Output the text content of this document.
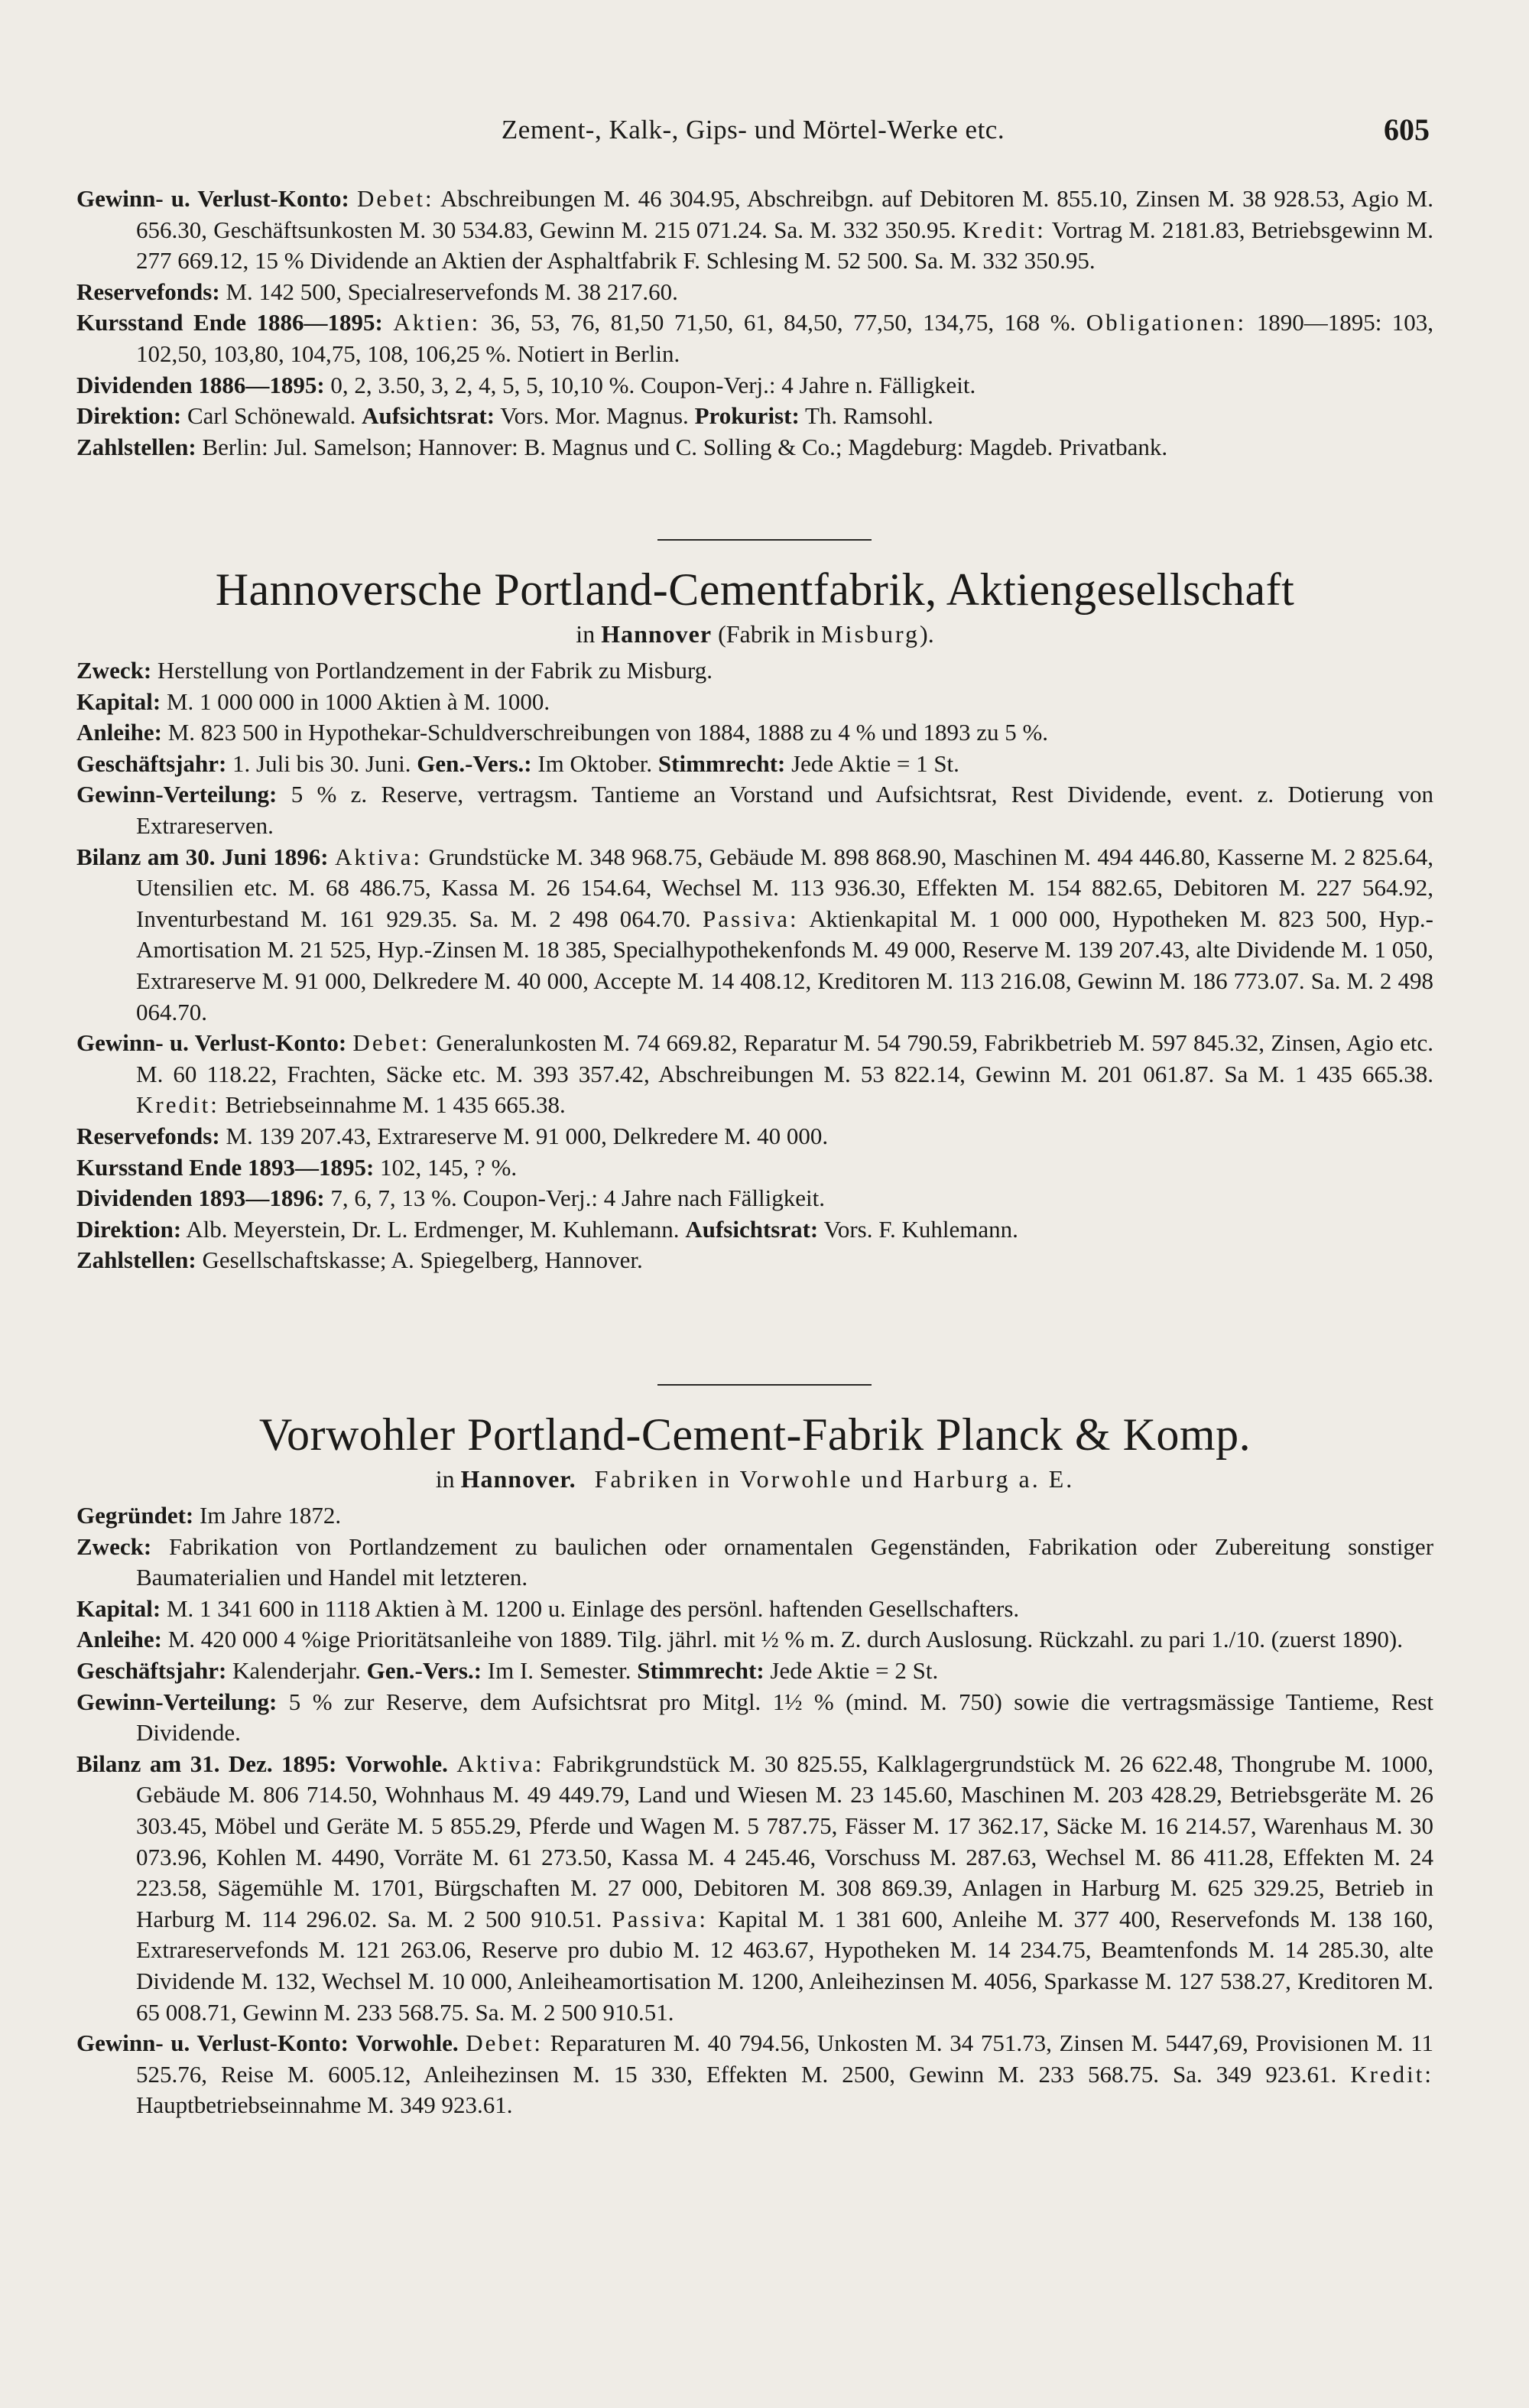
Zement-, Kalk-, Gips- und Mörtel-Werke etc.	605

Gewinn- u. Verlust-Konto: Debet: Abschreibungen M. 46 304.95, Abschreibgn. auf Debitoren M. 855.10, Zinsen M. 38 928.53, Agio M. 656.30, Geschäftsunkosten M. 30 534.83, Gewinn M. 215 071.24. Sa. M. 332 350.95. Kredit: Vortrag M. 2181.83, Betriebsgewinn M. 277 669.12, 15 % Dividende an Aktien der Asphaltfabrik F. Schlesing M. 52 500. Sa. M. 332 350.95.

Reservefonds: M. 142 500, Specialreservefonds M. 38 217.60.

Kursstand Ende 1886—1895: Aktien: 36, 53, 76, 81,50 71,50, 61, 84,50, 77,50, 134,75, 168 %. Obligationen: 1890—1895: 103, 102,50, 103,80, 104,75, 108, 106,25 %. Notiert in Berlin.

Dividenden 1886—1895: 0, 2, 3.50, 3, 2, 4, 5, 5, 10,10 %. Coupon-Verj.: 4 Jahre n. Fälligkeit.

Direktion: Carl Schönewald. Aufsichtsrat: Vors. Mor. Magnus. Prokurist: Th. Ramsohl.

Zahlstellen: Berlin: Jul. Samelson; Hannover: B. Magnus und C. Solling & Co.; Magdeburg: Magdeb. Privatbank.

Hannoversche Portland-Cementfabrik, Aktiengesellschaft

in Hannover (Fabrik in Misburg).

Zweck: Herstellung von Portlandzement in der Fabrik zu Misburg.

Kapital: M. 1 000 000 in 1000 Aktien à M. 1000.

Anleihe: M. 823 500 in Hypothekar-Schuldverschreibungen von 1884, 1888 zu 4 % und 1893 zu 5 %.

Geschäftsjahr: 1. Juli bis 30. Juni. Gen.-Vers.: Im Oktober. Stimmrecht: Jede Aktie = 1 St.

Gewinn-Verteilung: 5 % z. Reserve, vertragsm. Tantieme an Vorstand und Aufsichtsrat, Rest Dividende, event. z. Dotierung von Extrareserven.

Bilanz am 30. Juni 1896: Aktiva: Grundstücke M. 348 968.75, Gebäude M. 898 868.90, Maschinen M. 494 446.80, Kasserne M. 2 825.64, Utensilien etc. M. 68 486.75, Kassa M. 26 154.64, Wechsel M. 113 936.30, Effekten M. 154 882.65, Debitoren M. 227 564.92, Inventurbestand M. 161 929.35. Sa. M. 2 498 064.70. Passiva: Aktienkapital M. 1 000 000, Hypotheken M. 823 500, Hyp.-Amortisation M. 21 525, Hyp.-Zinsen M. 18 385, Specialhypothekenfonds M. 49 000, Reserve M. 139 207.43, alte Dividende M. 1 050, Extrareserve M. 91 000, Delkredere M. 40 000, Accepte M. 14 408.12, Kreditoren M. 113 216.08, Gewinn M. 186 773.07. Sa. M. 2 498 064.70.

Gewinn- u. Verlust-Konto: Debet: Generalunkosten M. 74 669.82, Reparatur M. 54 790.59, Fabrikbetrieb M. 597 845.32, Zinsen, Agio etc. M. 60 118.22, Frachten, Säcke etc. M. 393 357.42, Abschreibungen M. 53 822.14, Gewinn M. 201 061.87. Sa M. 1 435 665.38. Kredit: Betriebseinnahme M. 1 435 665.38.

Reservefonds: M. 139 207.43, Extrareserve M. 91 000, Delkredere M. 40 000.

Kursstand Ende 1893—1895: 102, 145, ? %.

Dividenden 1893—1896: 7, 6, 7, 13 %. Coupon-Verj.: 4 Jahre nach Fälligkeit.

Direktion: Alb. Meyerstein, Dr. L. Erdmenger, M. Kuhlemann. Aufsichtsrat: Vors. F. Kuhlemann.

Zahlstellen: Gesellschaftskasse; A. Spiegelberg, Hannover.

Vorwohler Portland-Cement-Fabrik Planck & Komp.

in Hannover. Fabriken in Vorwohle und Harburg a. E.

Gegründet: Im Jahre 1872.

Zweck: Fabrikation von Portlandzement zu baulichen oder ornamentalen Gegenständen, Fabrikation oder Zubereitung sonstiger Baumaterialien und Handel mit letzteren.

Kapital: M. 1 341 600 in 1118 Aktien à M. 1200 u. Einlage des persönl. haftenden Gesellschafters.

Anleihe: M. 420 000 4 %ige Prioritätsanleihe von 1889. Tilg. jährl. mit ½ % m. Z. durch Auslosung. Rückzahl. zu pari 1./10. (zuerst 1890).

Geschäftsjahr: Kalenderjahr. Gen.-Vers.: Im I. Semester. Stimmrecht: Jede Aktie = 2 St.

Gewinn-Verteilung: 5 % zur Reserve, dem Aufsichtsrat pro Mitgl. 1½ % (mind. M. 750) sowie die vertragsmässige Tantieme, Rest Dividende.

Bilanz am 31. Dez. 1895: Vorwohle. Aktiva: Fabrikgrundstück M. 30 825.55, Kalklagergrundstück M. 26 622.48, Thongrube M. 1000, Gebäude M. 806 714.50, Wohnhaus M. 49 449.79, Land und Wiesen M. 23 145.60, Maschinen M. 203 428.29, Betriebsgeräte M. 26 303.45, Möbel und Geräte M. 5 855.29, Pferde und Wagen M. 5 787.75, Fässer M. 17 362.17, Säcke M. 16 214.57, Warenhaus M. 30 073.96, Kohlen M. 4490, Vorräte M. 61 273.50, Kassa M. 4 245.46, Vorschuss M. 287.63, Wechsel M. 86 411.28, Effekten M. 24 223.58, Sägemühle M. 1701, Bürgschaften M. 27 000, Debitoren M. 308 869.39, Anlagen in Harburg M. 625 329.25, Betrieb in Harburg M. 114 296.02. Sa. M. 2 500 910.51. Passiva: Kapital M. 1 381 600, Anleihe M. 377 400, Reservefonds M. 138 160, Extrareservefonds M. 121 263.06, Reserve pro dubio M. 12 463.67, Hypotheken M. 14 234.75, Beamtenfonds M. 14 285.30, alte Dividende M. 132, Wechsel M. 10 000, Anleiheamortisation M. 1200, Anleihezinsen M. 4056, Sparkasse M. 127 538.27, Kreditoren M. 65 008.71, Gewinn M. 233 568.75. Sa. M. 2 500 910.51.

Gewinn- u. Verlust-Konto: Vorwohle. Debet: Reparaturen M. 40 794.56, Unkosten M. 34 751.73, Zinsen M. 5447,69, Provisionen M. 11 525.76, Reise M. 6005.12, Anleihezinsen M. 15 330, Effekten M. 2500, Gewinn M. 233 568.75. Sa. 349 923.61. Kredit: Hauptbetriebseinnahme M. 349 923.61.
